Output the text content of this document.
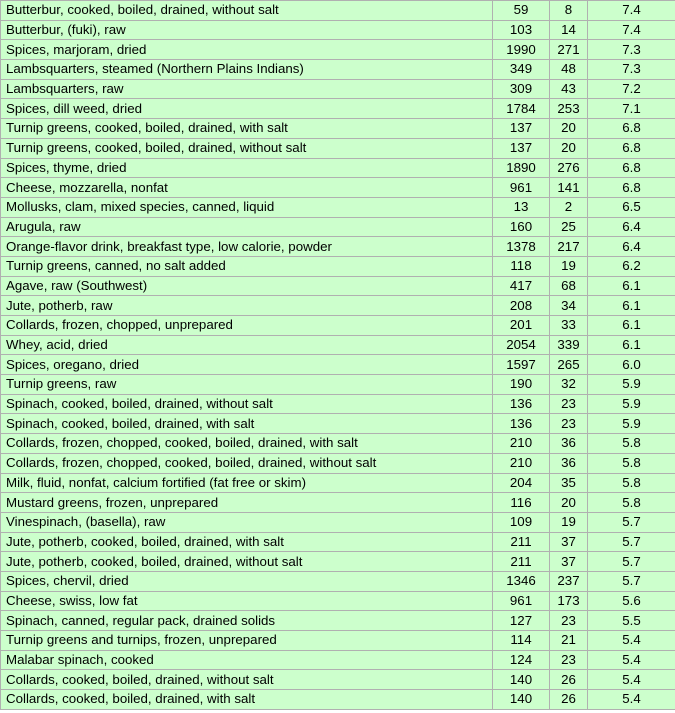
Butterbur, cooked, boiled, drained, without salt	59	8	7.4
Butterbur, (fuki), raw	103	14	7.4
Spices, marjoram, dried	1990	271	7.3
Lambsquarters, steamed (Northern Plains Indians)	349	48	7.3
Lambsquarters, raw	309	43	7.2
Spices, dill weed, dried	1784	253	7.1
Turnip greens, cooked, boiled, drained, with salt	137	20	6.8
Turnip greens, cooked, boiled, drained, without salt	137	20	6.8
Spices, thyme, dried	1890	276	6.8
Cheese, mozzarella, nonfat	961	141	6.8
Mollusks, clam, mixed species, canned, liquid	13	2	6.5
Arugula, raw	160	25	6.4
Orange-flavor drink, breakfast type, low calorie, powder	1378	217	6.4
Turnip greens, canned, no salt added	118	19	6.2
Agave, raw (Southwest)	417	68	6.1
Jute, potherb, raw	208	34	6.1
Collards, frozen, chopped, unprepared	201	33	6.1
Whey, acid, dried	2054	339	6.1
Spices, oregano, dried	1597	265	6.0
Turnip greens, raw	190	32	5.9
Spinach, cooked, boiled, drained, without salt	136	23	5.9
Spinach, cooked, boiled, drained, with salt	136	23	5.9
Collards, frozen, chopped, cooked, boiled, drained, with salt	210	36	5.8
Collards, frozen, chopped, cooked, boiled, drained, without salt	210	36	5.8
Milk, fluid, nonfat, calcium fortified (fat free or skim)	204	35	5.8
Mustard greens, frozen, unprepared	116	20	5.8
Vinespinach, (basella), raw	109	19	5.7
Jute, potherb, cooked, boiled, drained, with salt	211	37	5.7
Jute, potherb, cooked, boiled, drained, without salt	211	37	5.7
Spices, chervil, dried	1346	237	5.7
Cheese, swiss, low fat	961	173	5.6
Spinach, canned, regular pack, drained solids	127	23	5.5
Turnip greens and turnips, frozen, unprepared	114	21	5.4
Malabar spinach, cooked	124	23	5.4
Collards, cooked, boiled, drained, without salt	140	26	5.4
Collards, cooked, boiled, drained, with salt	140	26	5.4
